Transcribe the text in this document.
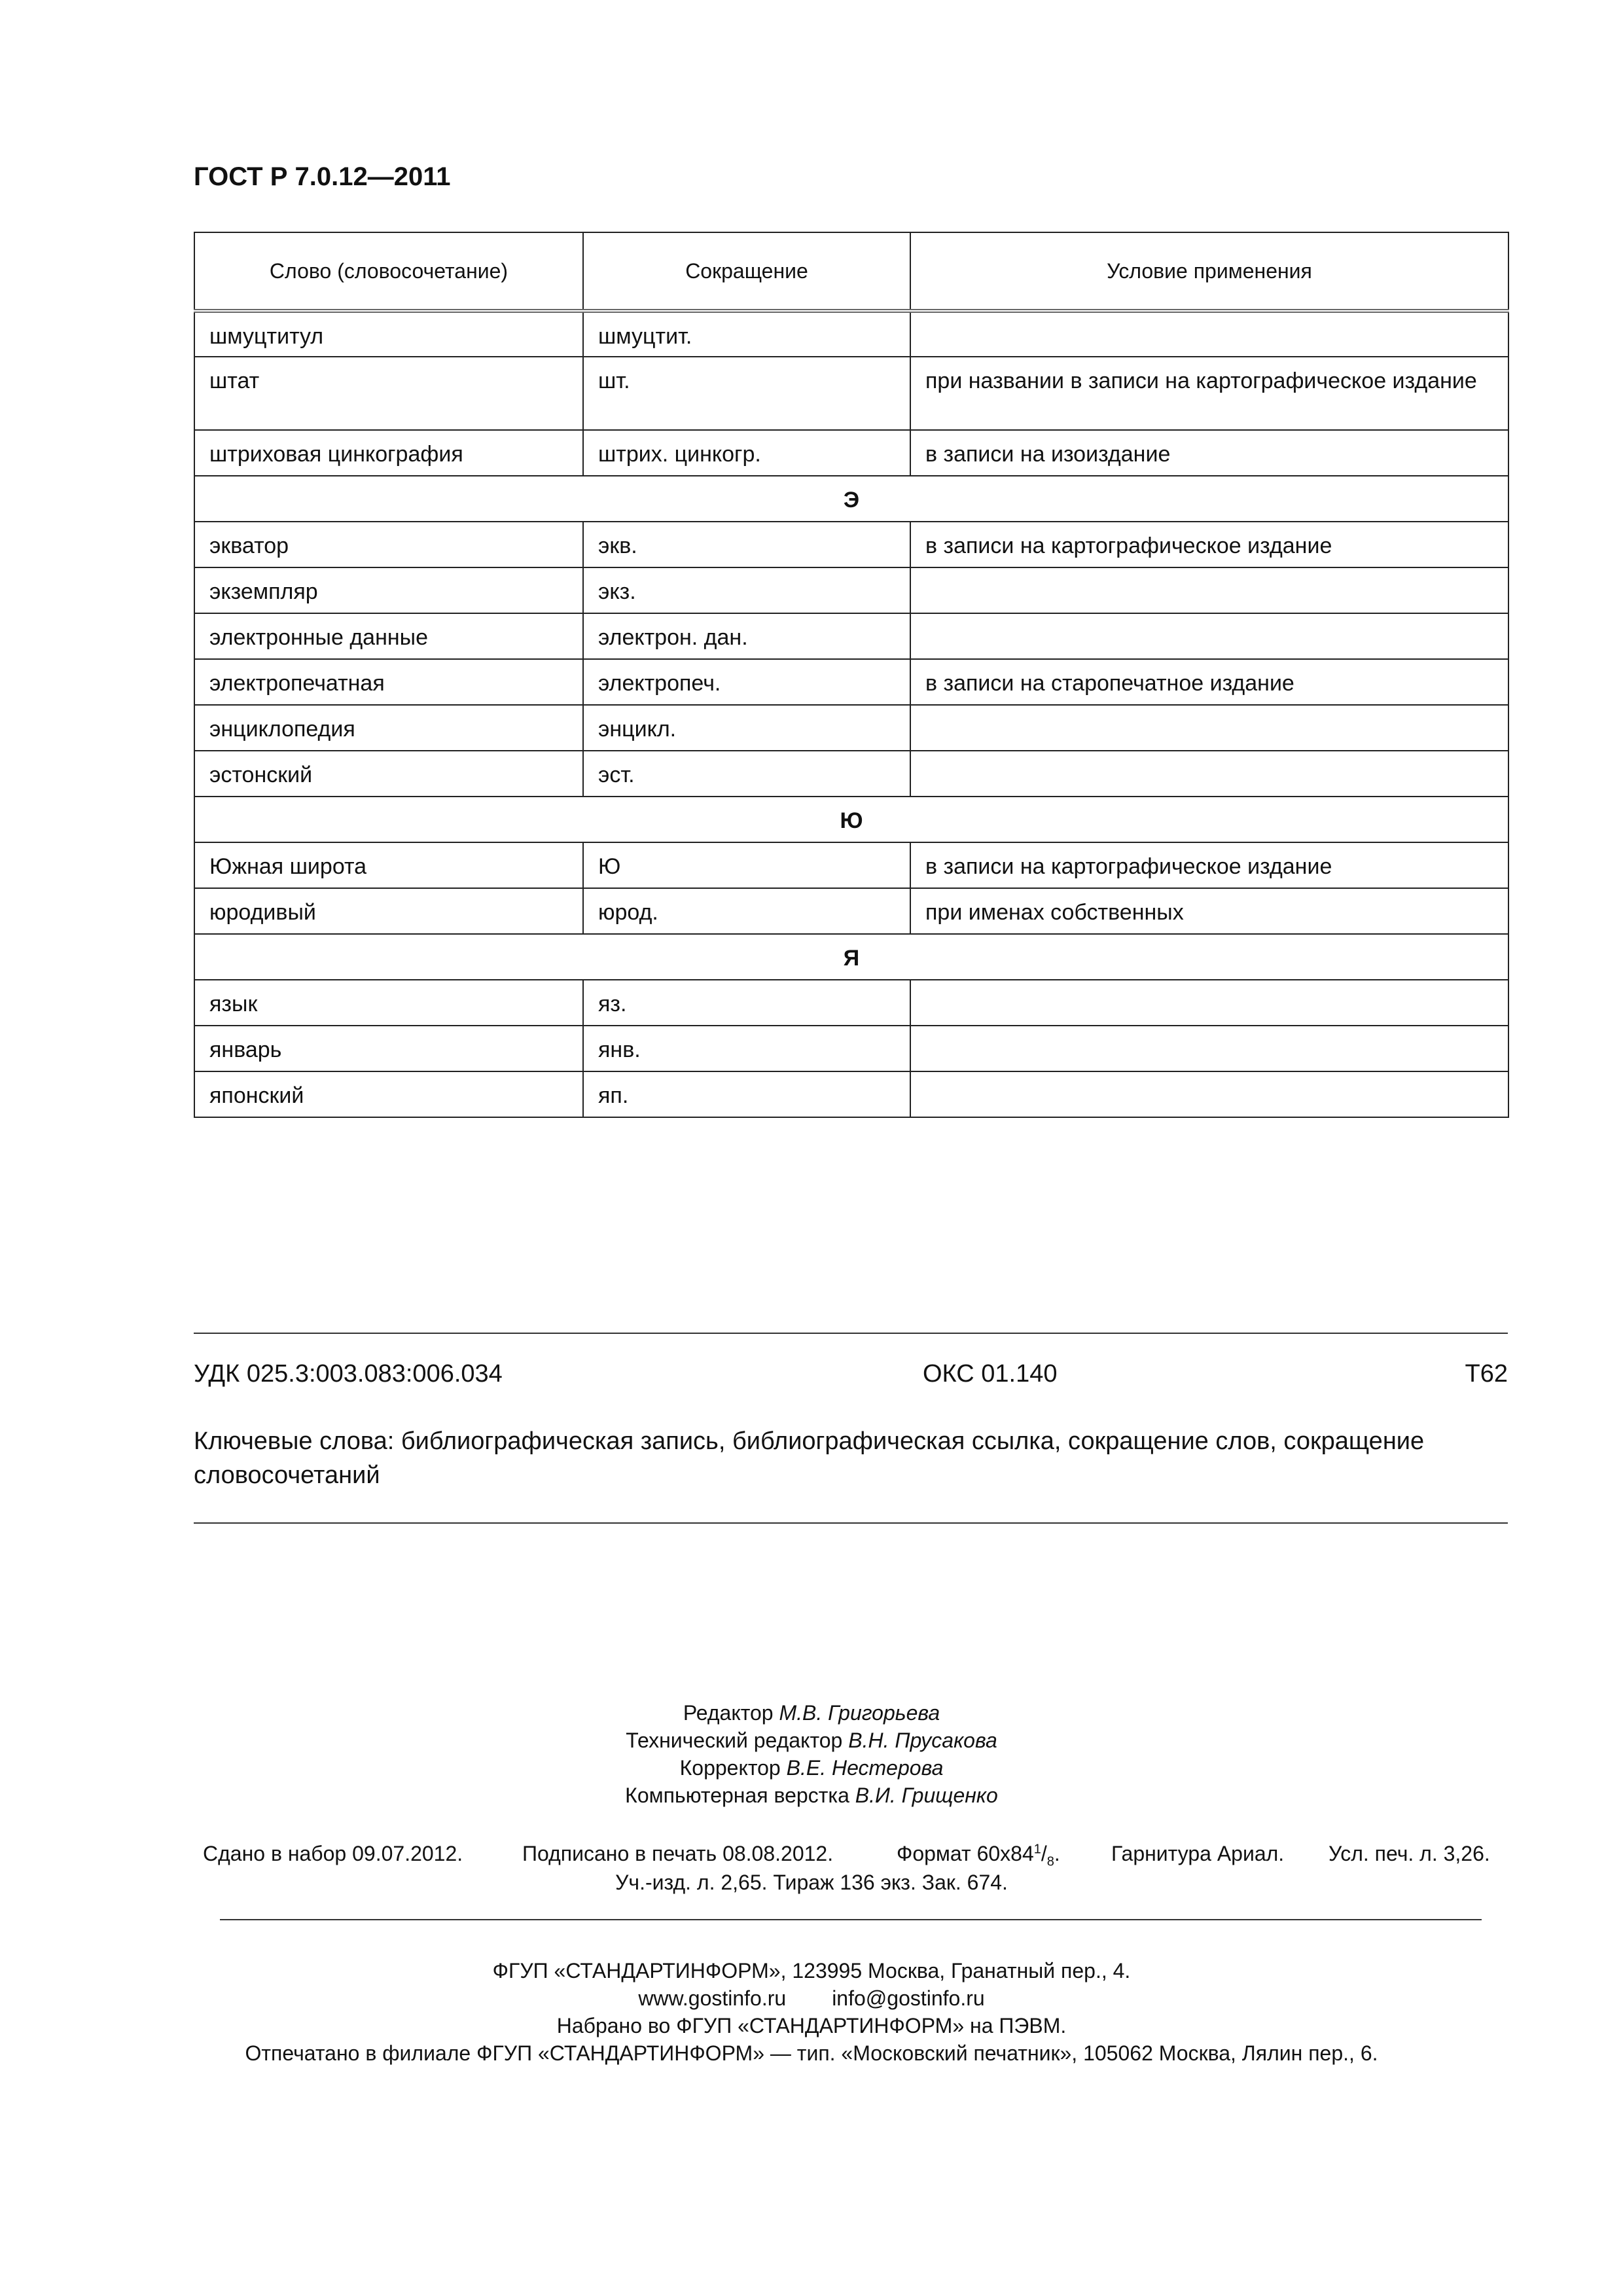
ГОСТ Р 7.0.12—2011
Слово (словосочетание)	Сокращение	Условие применения
шмуцтитул	шмуцтит.	
штат	шт.	при названии в записи на картографическое издание
штриховая цинкография	штрих. цинкогр.	в записи на изоиздание
Э		
экватор	экв.	в записи на картографическое издание
экземпляр	экз.	
электронные данные	электрон. дан.	
электропечатная	электропеч.	в записи на старопечатное издание
энциклопедия	энцикл.	
эстонский	эст.	
Ю		
Южная широта	Ю	в записи на картографическое издание
юродивый	юрод.	при именах собственных
Я		
язык	яз.	
январь	янв.	
японский	яп.	
УДК 025.3:003.083:006.034	ОКС 01.140	Т62
Ключевые слова: библиографическая запись, библиографическая ссылка, сокращение слов, сокращение словосочетаний
Редактор М.В. Григорьева
Технический редактор В.Н. Прусакова
Корректор В.Е. Нестерова
Компьютерная верстка В.И. Грищенко
Сдано в набор 09.07.2012.	Подписано в печать 08.08.2012.	Формат $60x84^1/_8$. Гарнитура Ариал. Усл. печ. л. 3,26.
Уч.-изд. л. 2,65. Тираж 136 экз. Зак. 674.
ФГУП «СТАНДАРТИНФОРМ», 123995 Москва, Гранатный пер., 4.
www.gostinfo.ru info@gostinfo.ru
Набрано во ФГУП «СТАНДАРТИНФОРМ» на ПЭВМ.
Отпечатано в филиале ФГУП «СТАНДАРТИНФОРМ» — тип. «Московский печатник», 105062 Москва, Лялин пер., 6.
